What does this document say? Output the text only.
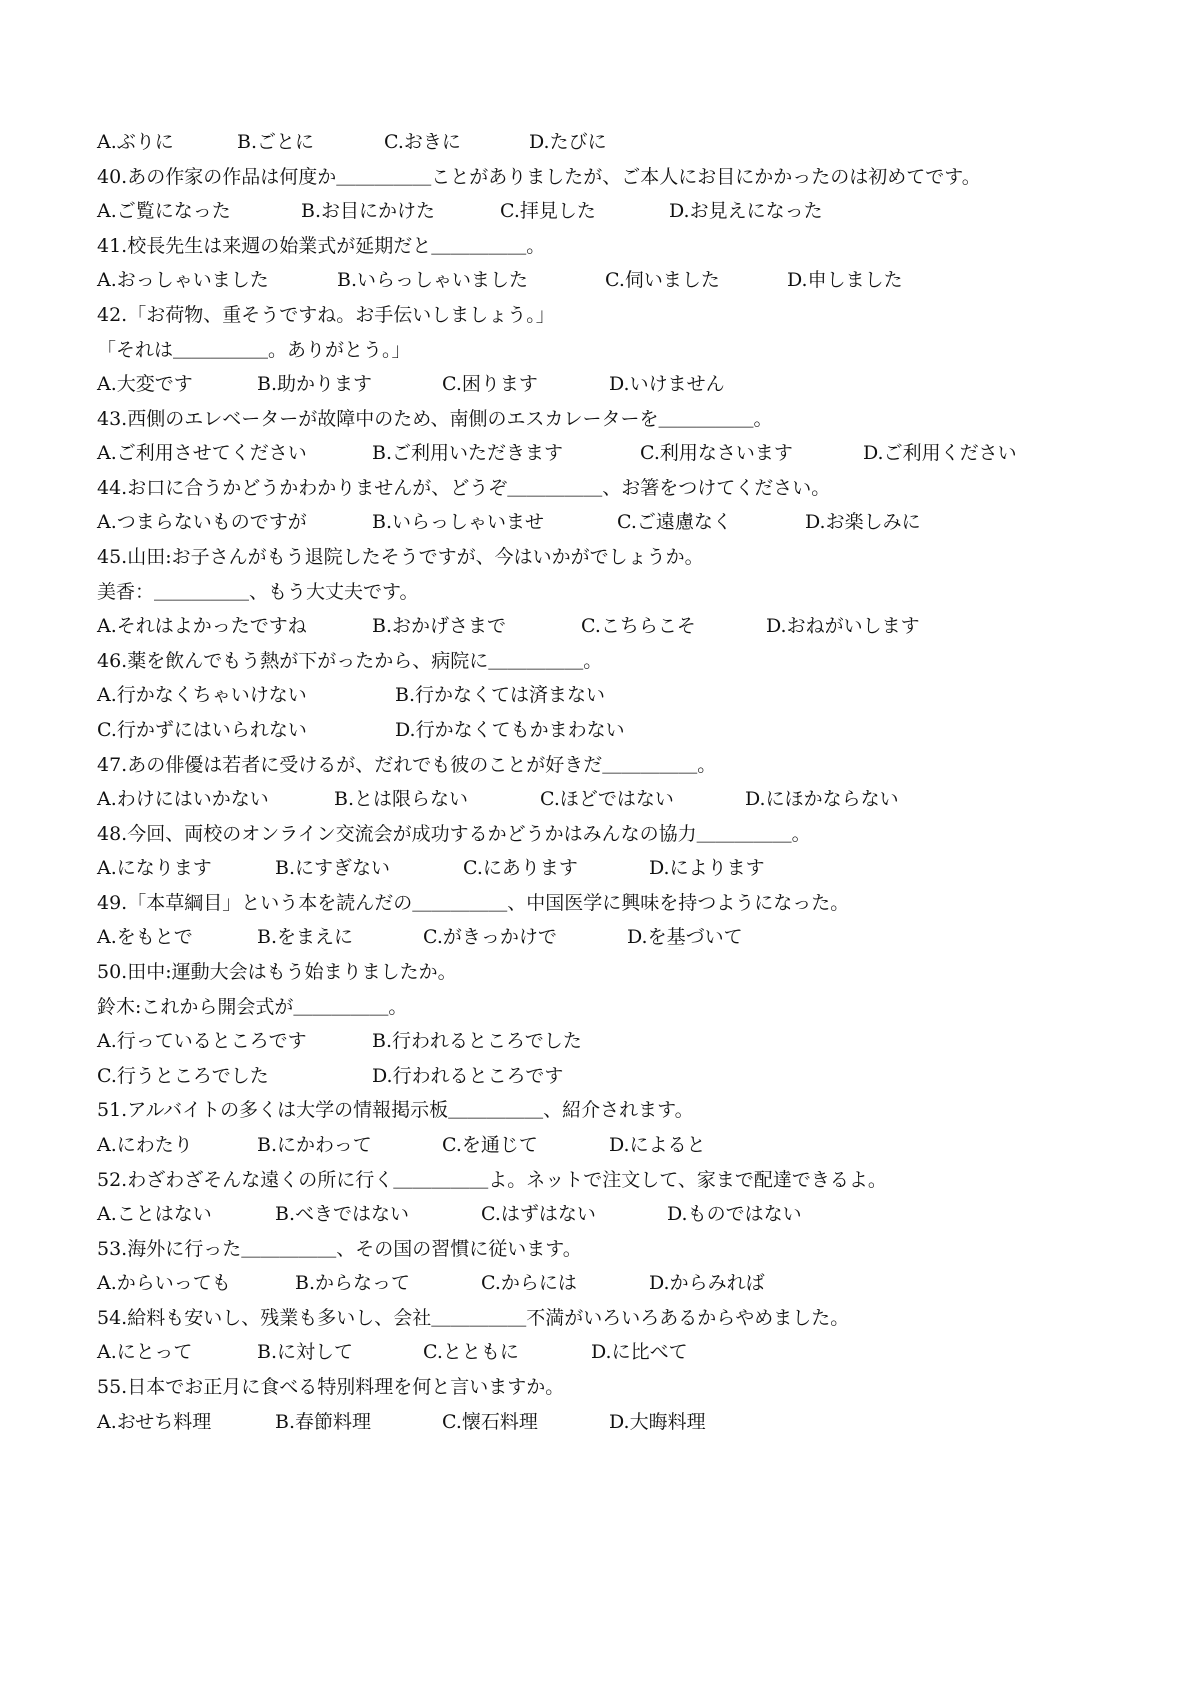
A.ぶりに	B.ごとに	C.おきに	D.たびに
40.あの作家の作品は何度か＿＿＿＿＿ことがありましたが、ご本人にお目にかかったのは初めてです。
A.ご覧になった	B.お目にかけた	C.拝見した	D.お見えになった
41.校長先生は来週の始業式が延期だと＿＿＿＿＿。
A.おっしゃいました	B.いらっしゃいました	C.伺いました	D.申しました
42.「お荷物、重そうですね。お手伝いしましょう。」
「それは＿＿＿＿＿。ありがとう。」
A.大変です	B.助かります	C.困ります	D.いけません
43.西側のエレベーターが故障中のため、南側のエスカレーターを＿＿＿＿＿。
A.ご利用させてください	B.ご利用いただきます	C.利用なさいます	D.ご利用ください
44.お口に合うかどうかわかりませんが、どうぞ＿＿＿＿＿、お箸をつけてください。
A.つまらないものですが	B.いらっしゃいませ	C.ご遠慮なく	D.お楽しみに
45.山田:お子さんがもう退院したそうですが、今はいかがでしょうか。
美香：＿＿＿＿＿、もう大丈夫です。
A.それはよかったですね	B.おかげさまで	C.こちらこそ	D.おねがいします
46.薬を飲んでもう熱が下がったから、病院に＿＿＿＿＿。
A.行かなくちゃいけない	B.行かなくては済まない
C.行かずにはいられない	D.行かなくてもかまわない
47.あの俳優は若者に受けるが、だれでも彼のことが好きだ＿＿＿＿＿。
A.わけにはいかない	B.とは限らない	C.ほどではない	D.にほかならない
48.今回、両校のオンライン交流会が成功するかどうかはみんなの協力＿＿＿＿＿。
A.になります	B.にすぎない	C.にあります	D.によります
49.「本草綱目」という本を読んだの＿＿＿＿＿、中国医学に興味を持つようになった。
A.をもとで	B.をまえに	C.がきっかけで	D.を基づいて
50.田中:運動大会はもう始まりましたか。
鈴木:これから開会式が＿＿＿＿＿。
A.行っているところです	B.行われるところでした
C.行うところでした	D.行われるところです
51.アルバイトの多くは大学の情報掲示板＿＿＿＿＿、紹介されます。
A.にわたり	B.にかわって	C.を通じて	D.によると
52.わざわざそんな遠くの所に行く＿＿＿＿＿よ。ネットで注文して、家まで配達できるよ。
A.ことはない	B.べきではない	C.はずはない	D.ものではない
53.海外に行った＿＿＿＿＿、その国の習慣に従います。
A.からいっても	B.からなって	C.からには	D.からみれば
54.給料も安いし、残業も多いし、会社＿＿＿＿＿不満がいろいろあるからやめました。
A.にとって	B.に対して	C.とともに	D.に比べて
55.日本でお正月に食べる特別料理を何と言いますか。
A.おせち料理	B.春節料理	C.懐石料理	D.大晦料理
